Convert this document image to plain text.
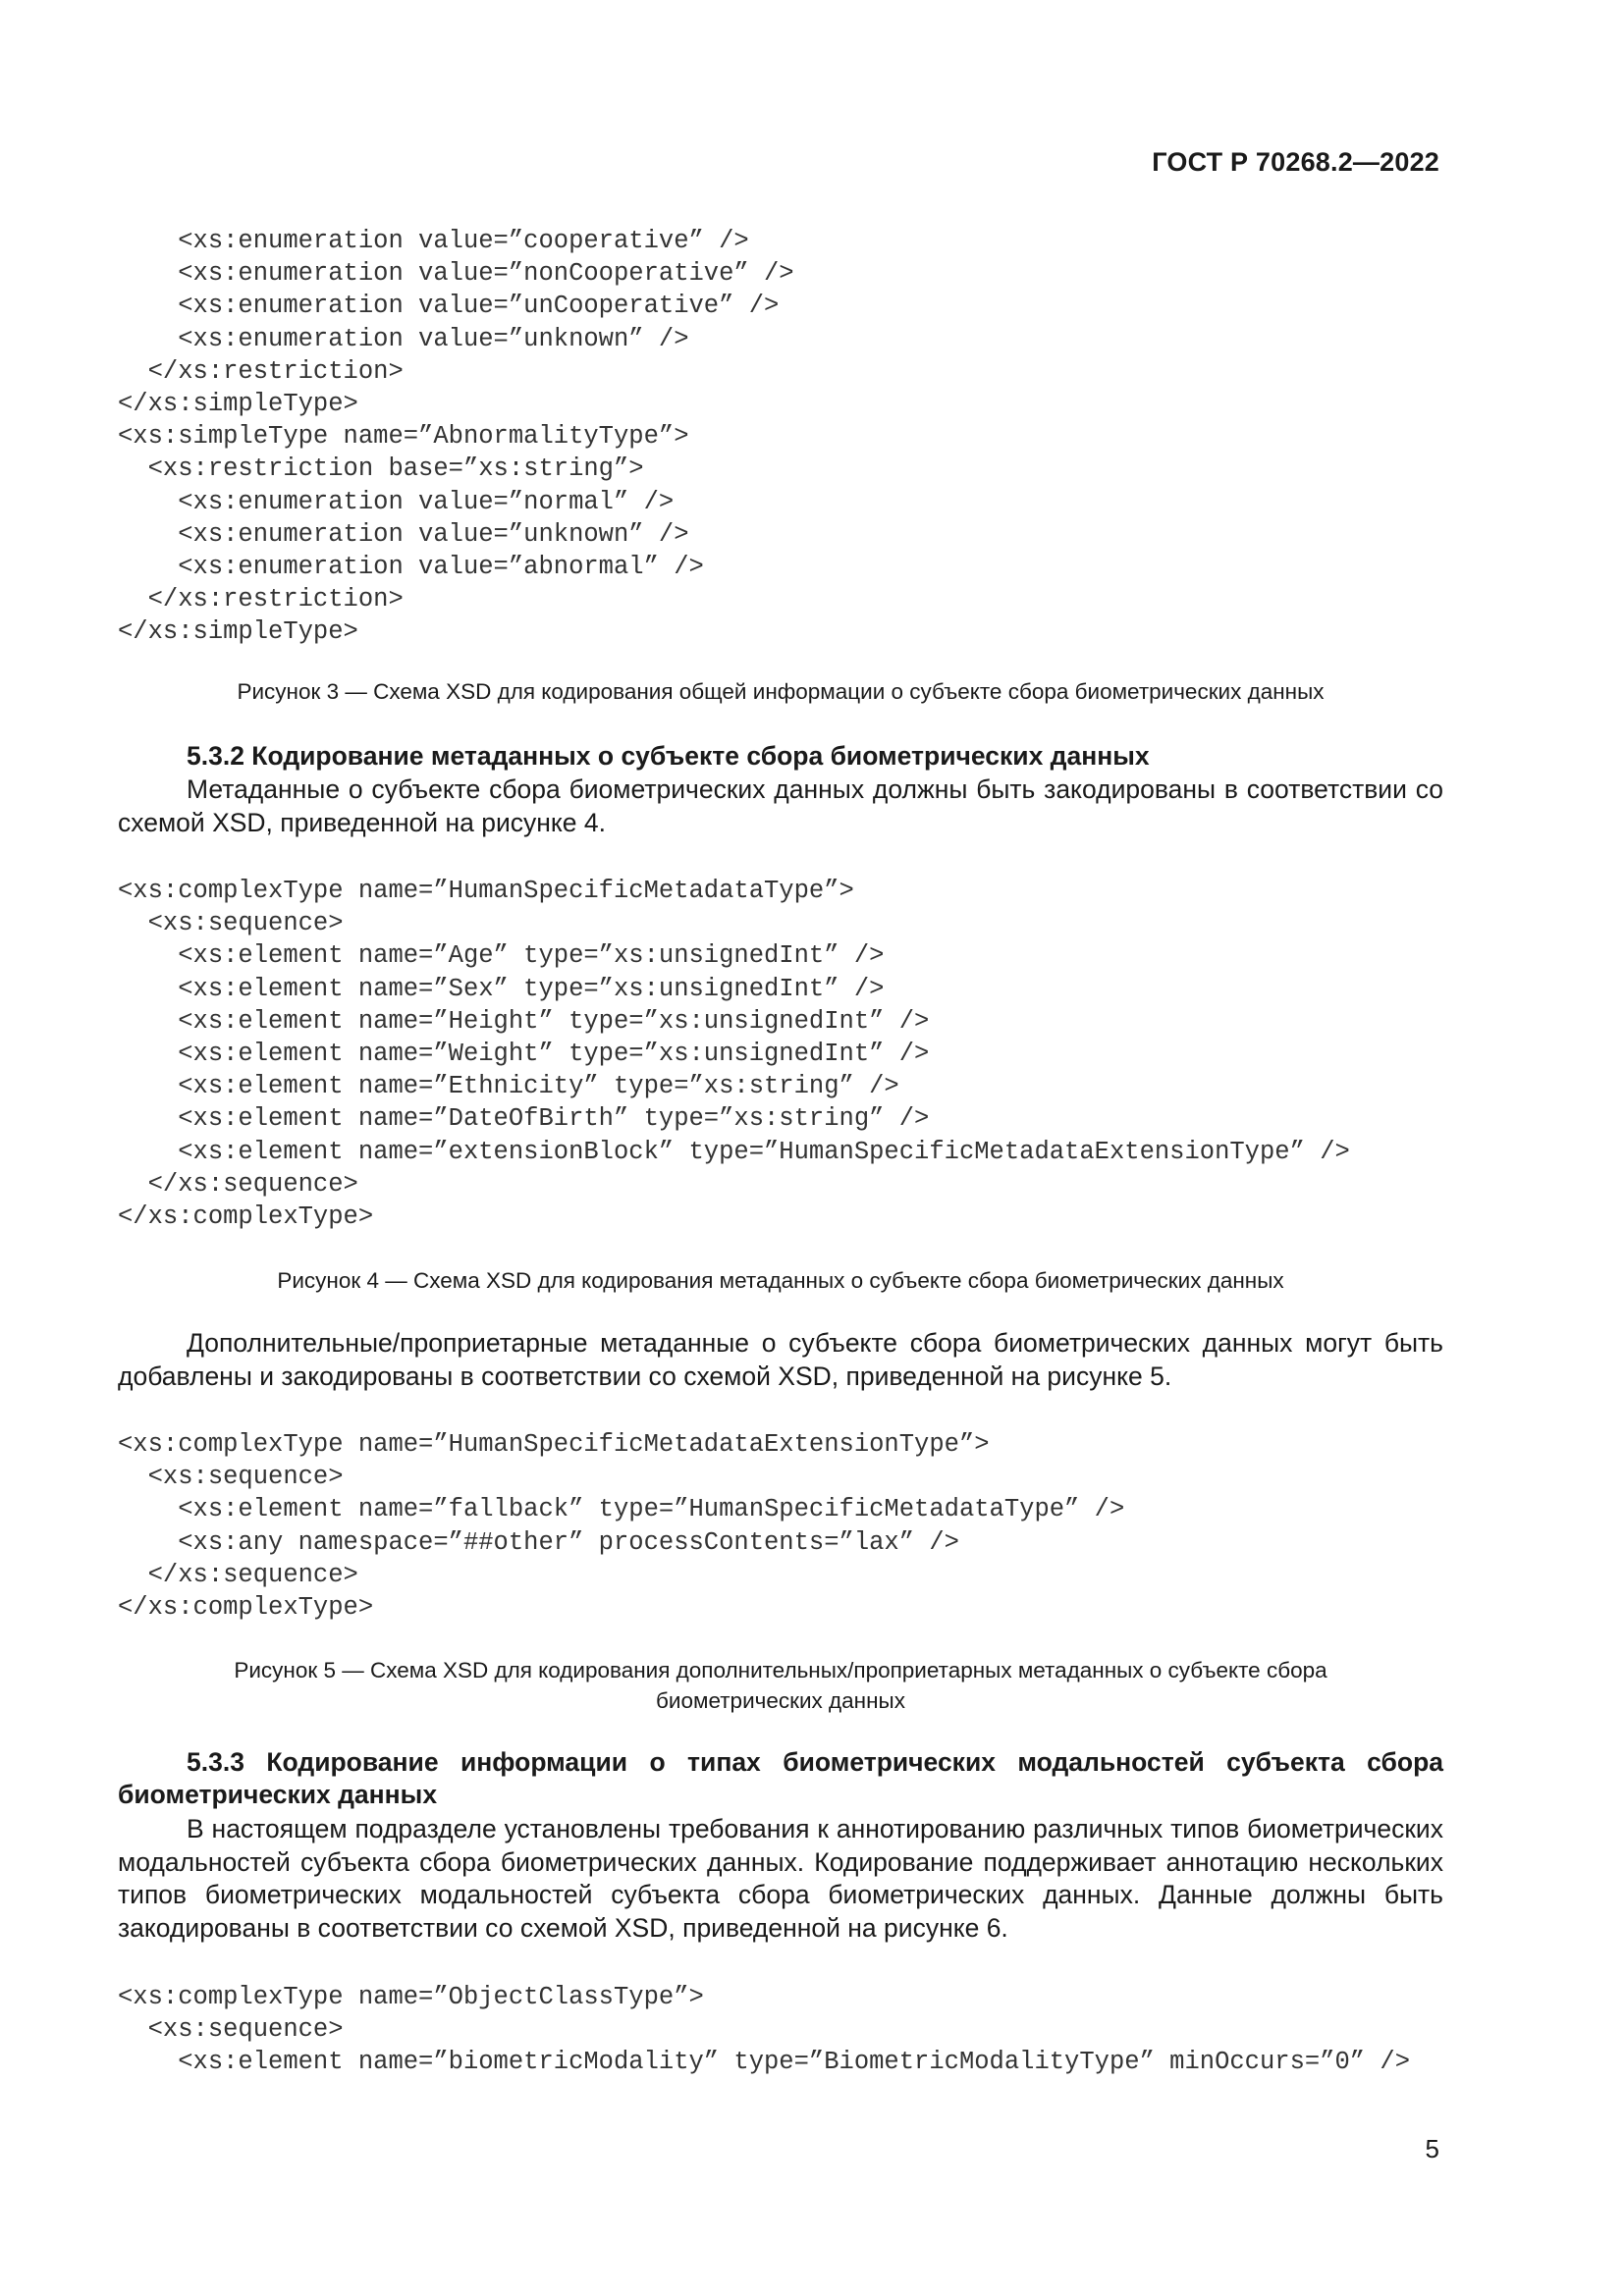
ГОСТ Р 70268.2—2022
<xs:enumeration value=”cooperative” />
<xs:enumeration value=”nonCooperative” />
<xs:enumeration value=”unCooperative” />
<xs:enumeration value=”unknown” />
</xs:restriction>
</xs:simpleType>
<xs:simpleType name=”AbnormalityType”>
<xs:restriction base=”xs:string”>
<xs:enumeration value=”normal” />
<xs:enumeration value=”unknown” />
<xs:enumeration value=”abnormal” />
</xs:restriction>
</xs:simpleType>
Рисунок 3 — Схема XSD для кодирования общей информации о субъекте сбора биометрических данных
5.3.2 Кодирование метаданных о субъекте сбора биометрических данных

Метаданные о субъекте сбора биометрических данных должны быть закодированы в соответствии со схемой XSD, приведенной на рисунке 4.

<xs:complexType name=”HumanSpecificMetadataType”>
<xs:sequence>
<xs:element name=”Age” type=”xs:unsignedInt” />
<xs:element name=”Sex” type=”xs:unsignedInt” />
<xs:element name=”Height” type=”xs:unsignedInt” />
<xs:element name=”Weight” type=”xs:unsignedInt” />
<xs:element name=”Ethnicity” type=”xs:string” />
<xs:element name=”DateOfBirth” type=”xs:string” />
<xs:element name=”extensionBlock” type=”HumanSpecificMetadataExtensionType” />
</xs:sequence>
</xs:complexType>
Рисунок 4 — Схема XSD для кодирования метаданных о субъекте сбора биометрических данных

Дополнительные/проприетарные метаданные о субъекте сбора биометрических данных могут быть добавлены и закодированы в соответствии со схемой XSD, приведенной на рисунке 5.

<xs:complexType name=”HumanSpecificMetadataExtensionType”>
<xs:sequence>
<xs:element name=”fallback” type=”HumanSpecificMetadataType” />
<xs:any namespace=”##other” processContents=”lax” />
</xs:sequence>
</xs:complexType>
Рисунок 5 — Схема XSD для кодирования дополнительных/проприетарных метаданных о субъекте сбора
биометрических данных
5.3.3 Кодирование информации о типах биометрических модальностей субъекта сбора биометрических данных

В настоящем подразделе установлены требования к аннотированию различных типов биометрических модальностей субъекта сбора биометрических данных. Кодирование поддерживает аннотацию нескольких типов биометрических модальностей субъекта сбора биометрических данных. Данные должны быть закодированы в соответствии со схемой XSD, приведенной на рисунке 6.

<xs:complexType name=”ObjectClassType”>
<xs:sequence>
<xs:element name=”biometricModality” type=”BiometricModalityType” minOccurs=”0” />
5
